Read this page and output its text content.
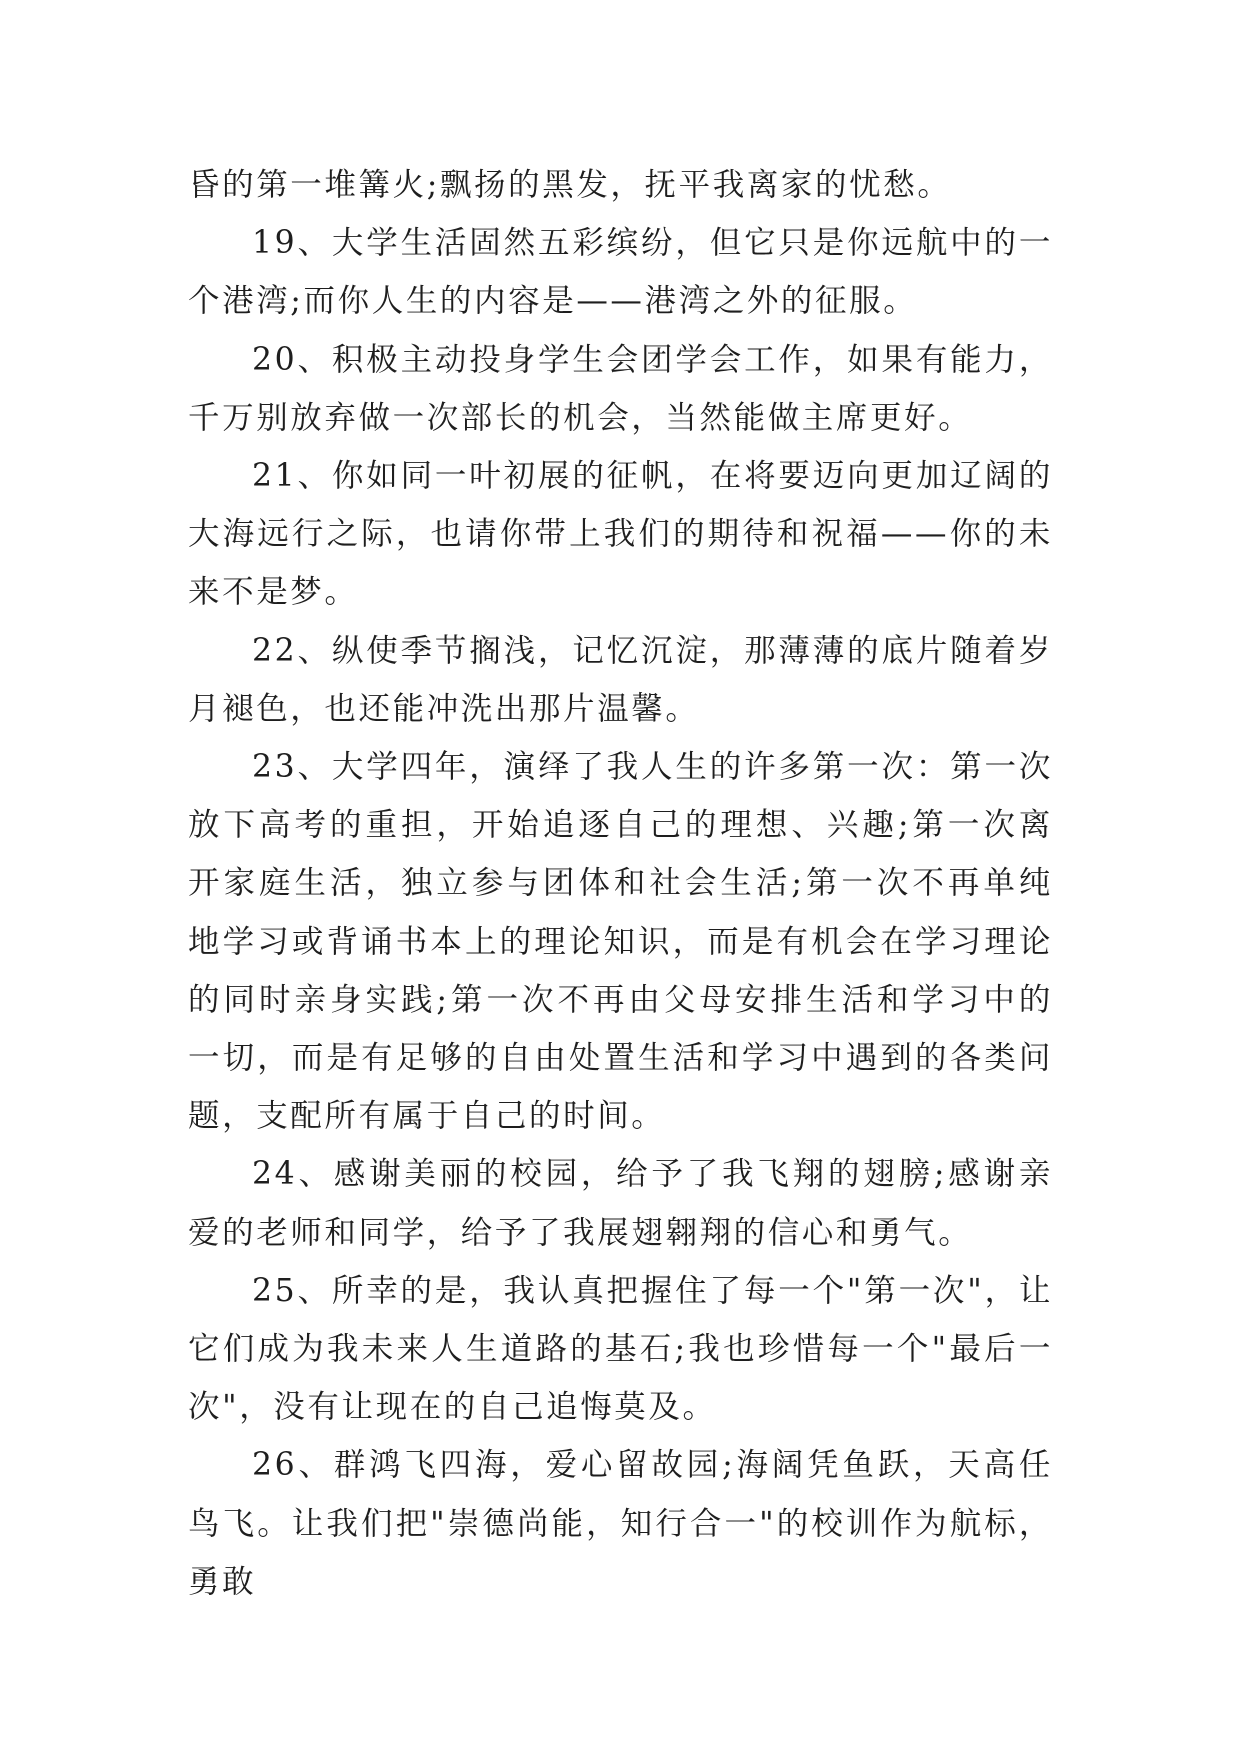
昏的第一堆篝火;飘扬的黑发，抚平我离家的忧愁。

19、大学生活固然五彩缤纷，但它只是你远航中的一个港湾;而你人生的内容是——港湾之外的征服。

20、积极主动投身学生会团学会工作，如果有能力，千万别放弃做一次部长的机会，当然能做主席更好。

21、你如同一叶初展的征帆，在将要迈向更加辽阔的大海远行之际，也请你带上我们的期待和祝福——你的未来不是梦。

22、纵使季节搁浅，记忆沉淀，那薄薄的底片随着岁月褪色，也还能冲洗出那片温馨。

23、大学四年，演绎了我人生的许多第一次：第一次放下高考的重担，开始追逐自己的理想、兴趣;第一次离开家庭生活，独立参与团体和社会生活;第一次不再单纯地学习或背诵书本上的理论知识，而是有机会在学习理论的同时亲身实践;第一次不再由父母安排生活和学习中的一切，而是有足够的自由处置生活和学习中遇到的各类问题，支配所有属于自己的时间。

24、感谢美丽的校园，给予了我飞翔的翅膀;感谢亲爱的老师和同学，给予了我展翅翱翔的信心和勇气。

25、所幸的是，我认真把握住了每一个"第一次"，让它们成为我未来人生道路的基石;我也珍惜每一个"最后一次"，没有让现在的自己追悔莫及。

26、群鸿飞四海，爱心留故园;海阔凭鱼跃，天高任鸟飞。让我们把"崇德尚能，知行合一"的校训作为航标，勇敢
